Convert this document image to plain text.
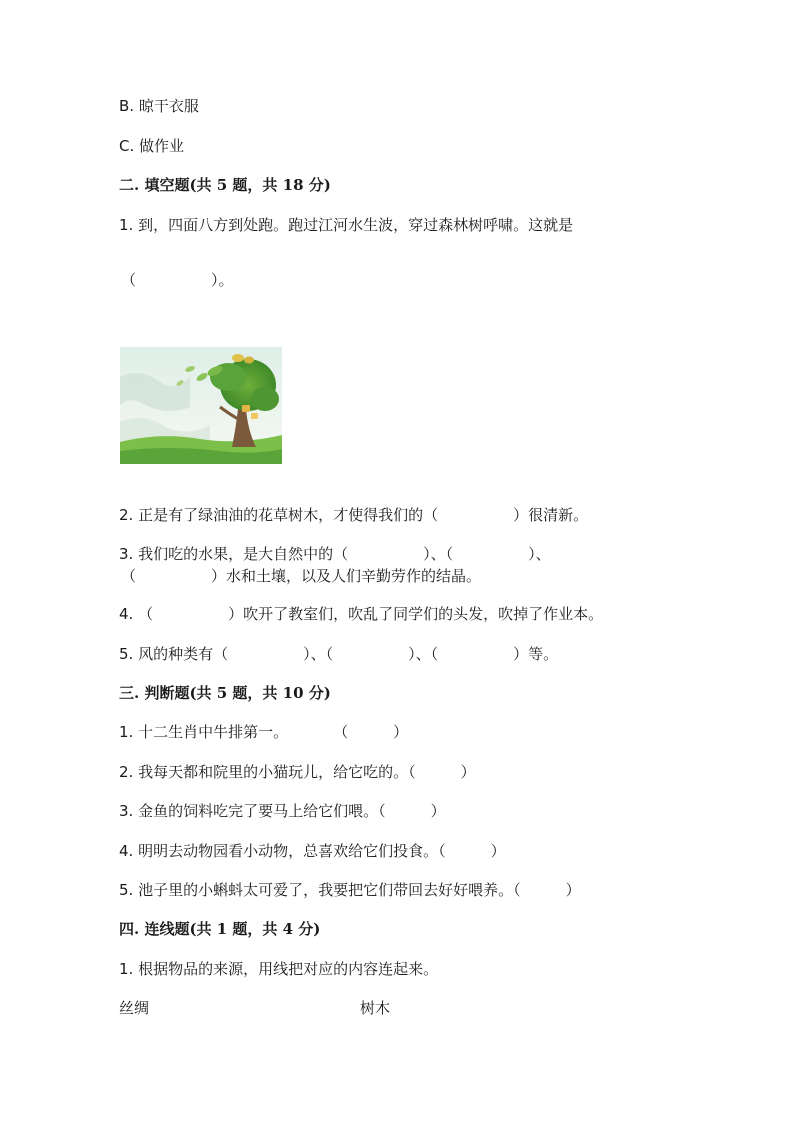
B. 晾干衣服
C. 做作业
二. 填空题(共 5 题，共 18 分)
1. 到，四面八方到处跑。跑过江河水生波，穿过森林树呼啸。这就是
（　　　　　）。
2. 正是有了绿油油的花草树木，才使得我们的（　　　　　）很清新。
3. 我们吃的水果，是大自然中的（　　　　　）、（　　　　　）、
（　　　　　）水和土壤，以及人们辛勤劳作的结晶。
4. （　　　　　）吹开了教室们，吹乱了同学们的头发，吹掉了作业本。
5. 风的种类有（　　　　　）、（　　　　　）、（　　　　　）等。
三. 判断题(共 5 题，共 10 分)
1. 十二生肖中牛排第一。　　　　（　　　）
2. 我每天都和院里的小猫玩儿，给它吃的。（　　　）
3. 金鱼的饲料吃完了要马上给它们喂。（　　　）
4. 明明去动物园看小动物，总喜欢给它们投食。（　　　）
5. 池子里的小蝌蚪太可爱了，我要把它们带回去好好喂养。（　　　）
四. 连线题(共 1 题，共 4 分)
1. 根据物品的来源，用线把对应的内容连起来。
丝绸	树木
